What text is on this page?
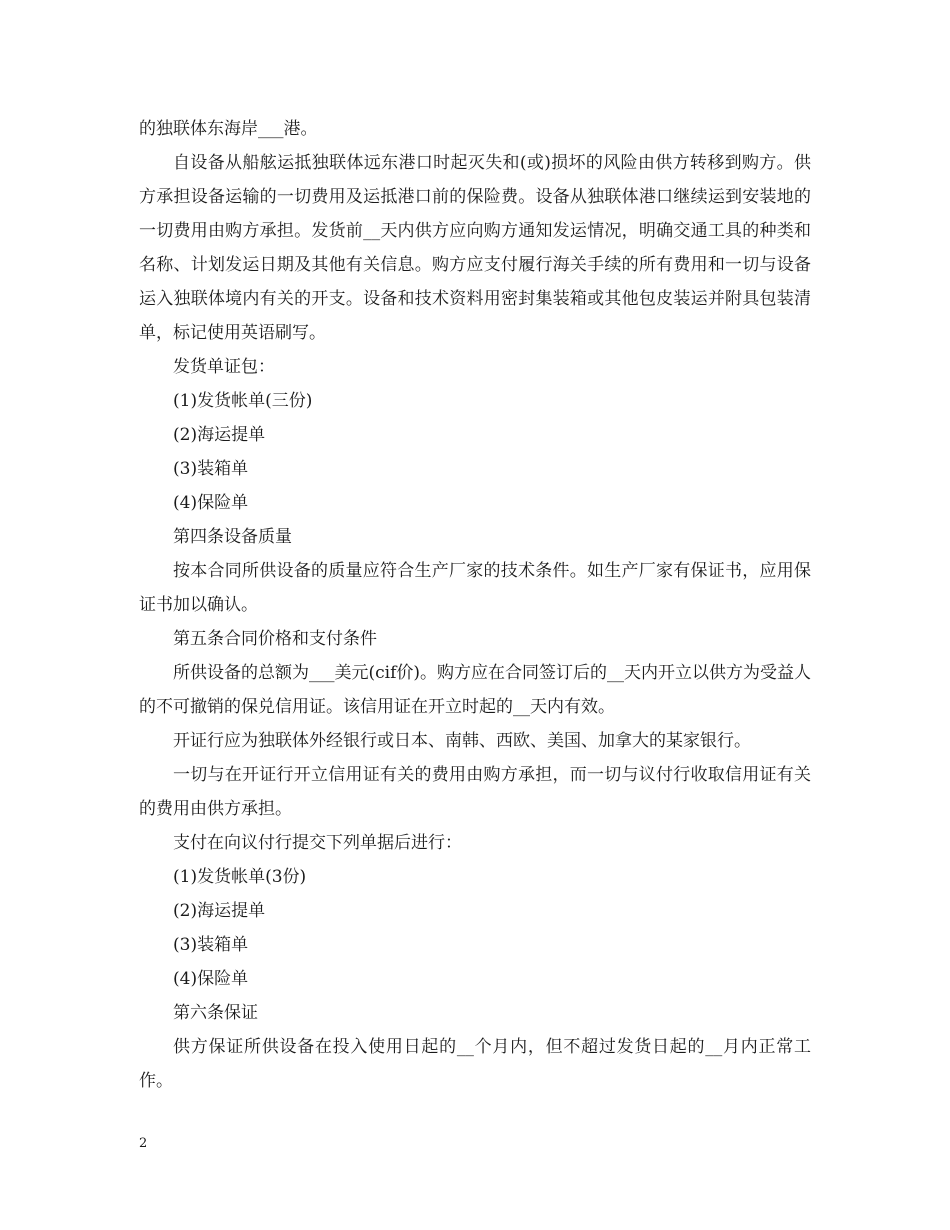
的独联体东海岸___港。

自设备从船舷运抵独联体远东港口时起灭失和(或)损坏的风险由供方转移到购方。供方承担设备运输的一切费用及运抵港口前的保险费。设备从独联体港口继续运到安装地的一切费用由购方承担。发货前__天内供方应向购方通知发运情况，明确交通工具的种类和名称、计划发运日期及其他有关信息。购方应支付履行海关手续的所有费用和一切与设备运入独联体境内有关的开支。设备和技术资料用密封集装箱或其他包皮装运并附具包装清单，标记使用英语刷写。

发货单证包：

(1)发货帐单(三份)

(2)海运提单

(3)装箱单

(4)保险单

第四条设备质量

按本合同所供设备的质量应符合生产厂家的技术条件。如生产厂家有保证书，应用保证书加以确认。

第五条合同价格和支付条件

所供设备的总额为___美元(cif价)。购方应在合同签订后的__天内开立以供方为受益人的不可撤销的保兑信用证。该信用证在开立时起的__天内有效。

开证行应为独联体外经银行或日本、南韩、西欧、美国、加拿大的某家银行。

一切与在开证行开立信用证有关的费用由购方承担，而一切与议付行收取信用证有关的费用由供方承担。

支付在向议付行提交下列单据后进行：

(1)发货帐单(3份)

(2)海运提单

(3)装箱单

(4)保险单

第六条保证

供方保证所供设备在投入使用日起的__个月内，但不超过发货日起的__月内正常工作。

2
